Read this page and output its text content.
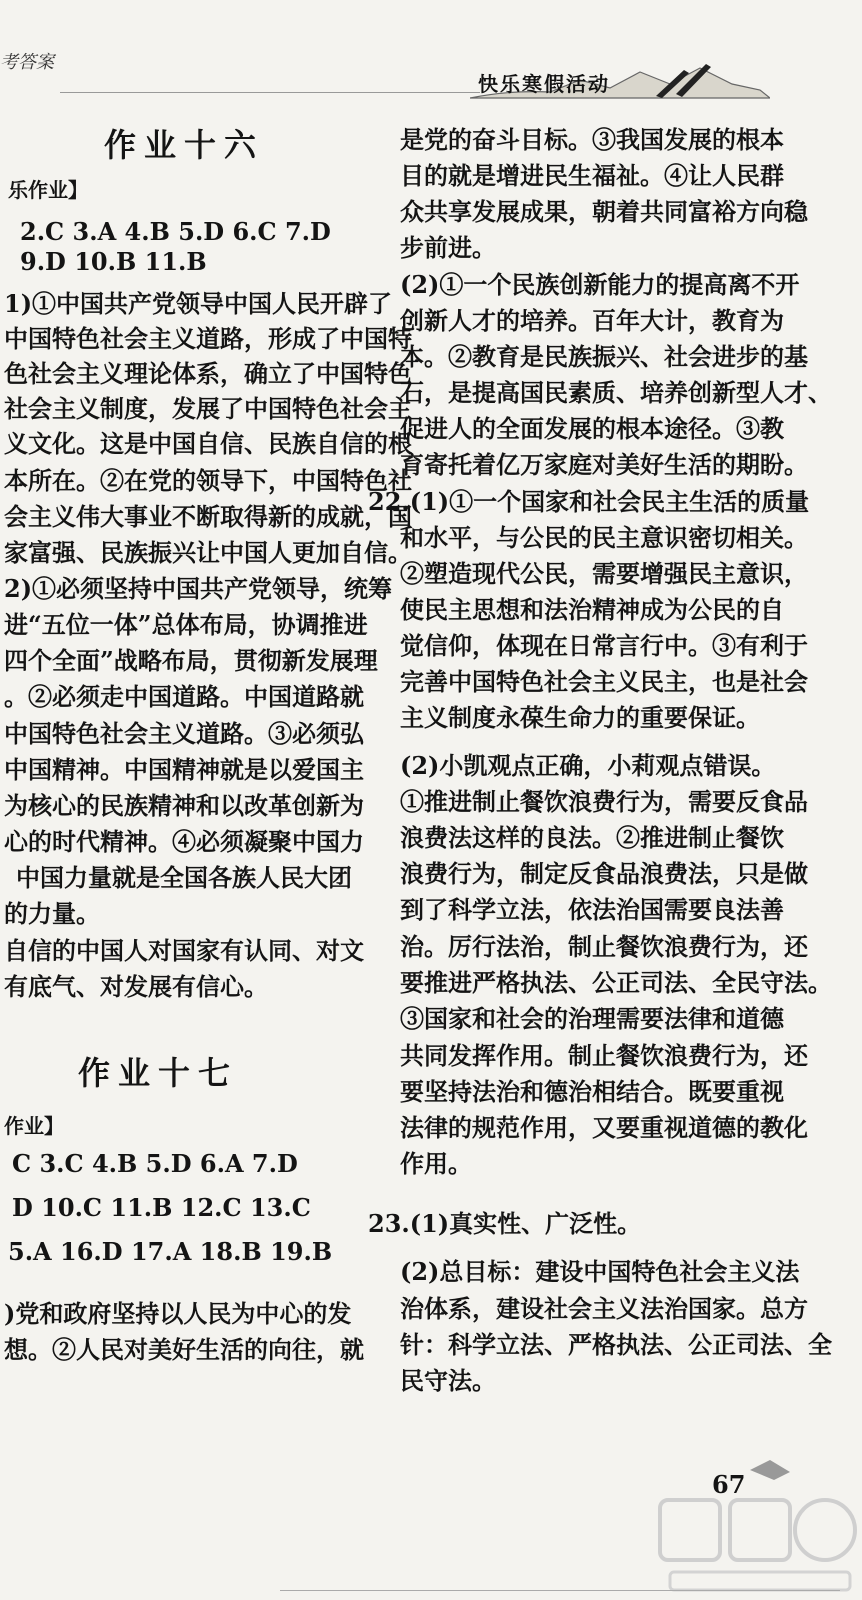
考答案
快乐寒假活动
作业十六
乐作业】
2.C 3.A 4.B 5.D 6.C 7.D
9.D 10.B 11.B
1)①中国共产党领导中国人民开辟了
中国特色社会主义道路，形成了中国特
色社会主义理论体系，确立了中国特色
社会主义制度，发展了中国特色社会主
义文化。这是中国自信、民族自信的根
本所在。②在党的领导下，中国特色社
会主义伟大事业不断取得新的成就，国
家富强、民族振兴让中国人更加自信。
2)①必须坚持中国共产党领导，统筹
进“五位一体”总体布局，协调推进
四个全面”战略布局，贯彻新发展理
。②必须走中国道路。中国道路就
中国特色社会主义道路。③必须弘
中国精神。中国精神就是以爱国主
为核心的民族精神和以改革创新为
心的时代精神。④必须凝聚中国力
中国力量就是全国各族人民大团
的力量。
自信的中国人对国家有认同、对文
有底气、对发展有信心。
作业十七
作业】
C 3.C 4.B 5.D 6.A 7.D
D 10.C 11.B 12.C 13.C
5.A 16.D 17.A 18.B 19.B
)党和政府坚持以人民为中心的发
想。②人民对美好生活的向往，就
是党的奋斗目标。③我国发展的根本
目的就是增进民生福祉。④让人民群
众共享发展成果，朝着共同富裕方向稳
步前进。
(2)①一个民族创新能力的提高离不开
创新人才的培养。百年大计，教育为
本。②教育是民族振兴、社会进步的基
石，是提高国民素质、培养创新型人才、
促进人的全面发展的根本途径。③教
育寄托着亿万家庭对美好生活的期盼。
22.(1)①一个国家和社会民主生活的质量
和水平，与公民的民主意识密切相关。
②塑造现代公民，需要增强民主意识，
使民主思想和法治精神成为公民的自
觉信仰，体现在日常言行中。③有利于
完善中国特色社会主义民主，也是社会
主义制度永葆生命力的重要保证。
(2)小凯观点正确，小莉观点错误。
①推进制止餐饮浪费行为，需要反食品
浪费法这样的良法。②推进制止餐饮
浪费行为，制定反食品浪费法，只是做
到了科学立法，依法治国需要良法善
治。厉行法治，制止餐饮浪费行为，还
要推进严格执法、公正司法、全民守法。
③国家和社会的治理需要法律和道德
共同发挥作用。制止餐饮浪费行为，还
要坚持法治和德治相结合。既要重视
法律的规范作用，又要重视道德的教化
作用。
23.(1)真实性、广泛性。
(2)总目标：建设中国特色社会主义法
治体系，建设社会主义法治国家。总方
针：科学立法、严格执法、公正司法、全
民守法。
67
